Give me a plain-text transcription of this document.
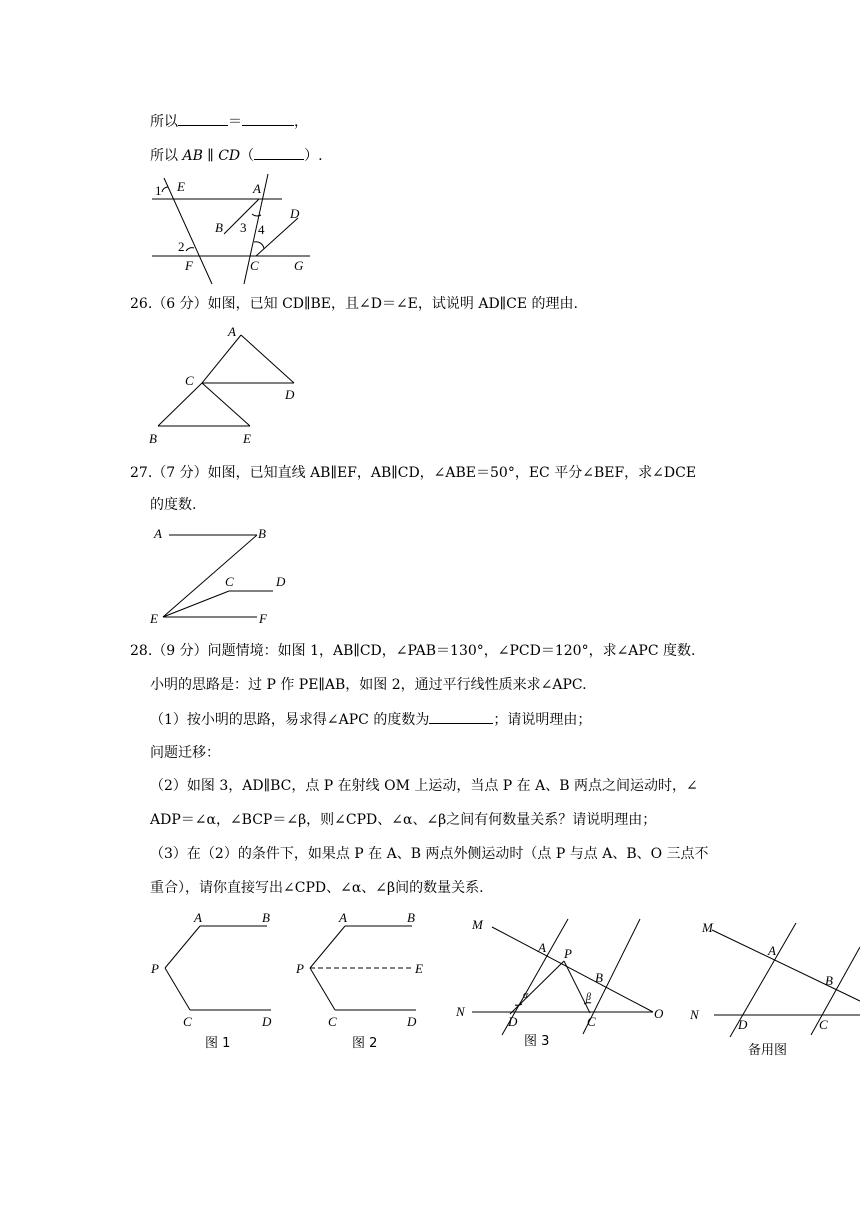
所以	＝	，
所以 AB ∥ CD（	）.
1 E	A
D
B 3 4
2
F	C	G
26.（6 分）如图，已知 CD∥BE，且∠D＝∠E，试说明 AD∥CE 的理由.
A
C
D
B	E
27.（7 分）如图，已知直线 AB∥EF，AB∥CD，∠ABE＝50°，EC 平分∠BEF，求∠DCE
的度数.
A	B
C	D
E	F
28.（9 分）问题情境：如图 1，AB∥CD，∠PAB＝130°，∠PCD＝120°，求∠APC 度数.
小明的思路是：过 P 作 PE∥AB，如图 2，通过平行线性质来求∠APC.
（1）按小明的思路，易求得∠APC 的度数为	；请说明理由；
问题迁移：
（2）如图 3，AD∥BC，点 P 在射线 OM 上运动，当点 P 在 A、B 两点之间运动时，∠
ADP＝∠α，∠BCP＝∠β，则∠CPD、∠α、∠β之间有何数量关系？请说明理由；
（3）在（2）的条件下，如果点 P 在 A、B 两点外侧运动时（点 P 与点 A、B、O 三点不
重合），请你直接写出∠CPD、∠α、∠β间的数量关系.
A	B
P
C	D
图 1
A	B
P	E
C	D
图 2
M
A P
B
N
α	β
D	C
O
图 3
M
A
B
N
D	C
备用图
